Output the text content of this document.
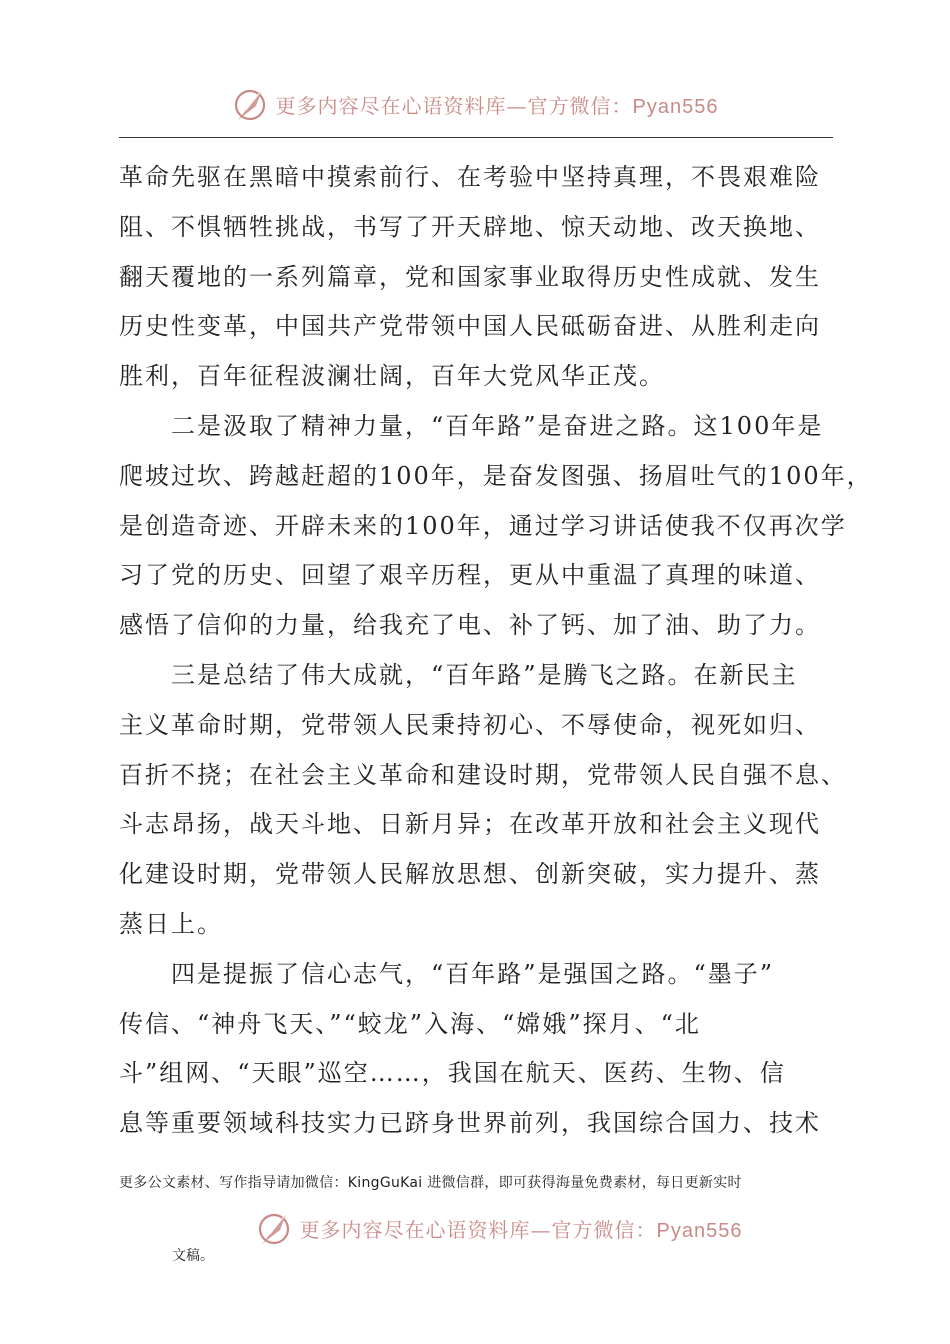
更多内容尽在心语资料库—官方微信：Pyan556
革命先驱在黑暗中摸索前行、在考验中坚持真理，不畏艰难险
阻、不惧牺牲挑战，书写了开天辟地、惊天动地、改天换地、
翻天覆地的一系列篇章，党和国家事业取得历史性成就、发生
历史性变革，中国共产党带领中国人民砥砺奋进、从胜利走向
胜利，百年征程波澜壮阔，百年大党风华正茂。
　　二是汲取了精神力量，“百年路”是奋进之路。这100年是
爬坡过坎、跨越赶超的100年，是奋发图强、扬眉吐气的100年，
是创造奇迹、开辟未来的100年，通过学习讲话使我不仅再次学
习了党的历史、回望了艰辛历程，更从中重温了真理的味道、
感悟了信仰的力量，给我充了电、补了钙、加了油、助了力。
　　三是总结了伟大成就，“百年路”是腾飞之路。在新民主
主义革命时期，党带领人民秉持初心、不辱使命，视死如归、
百折不挠；在社会主义革命和建设时期，党带领人民自强不息、
斗志昂扬，战天斗地、日新月异；在改革开放和社会主义现代
化建设时期，党带领人民解放思想、创新突破，实力提升、蒸
蒸日上。
　　四是提振了信心志气，“百年路”是强国之路。“墨子”
传信、“神舟飞天、”“蛟龙”入海、“嫦娥”探月、“北
斗”组网、“天眼”巡空……，我国在航天、医药、生物、信
息等重要领域科技实力已跻身世界前列，我国综合国力、技术
更多公文素材、写作指导请加微信：KingGuKai 进微信群，即可获得海量免费素材，每日更新实时
更多内容尽在心语资料库—官方微信：Pyan556
文稿。
